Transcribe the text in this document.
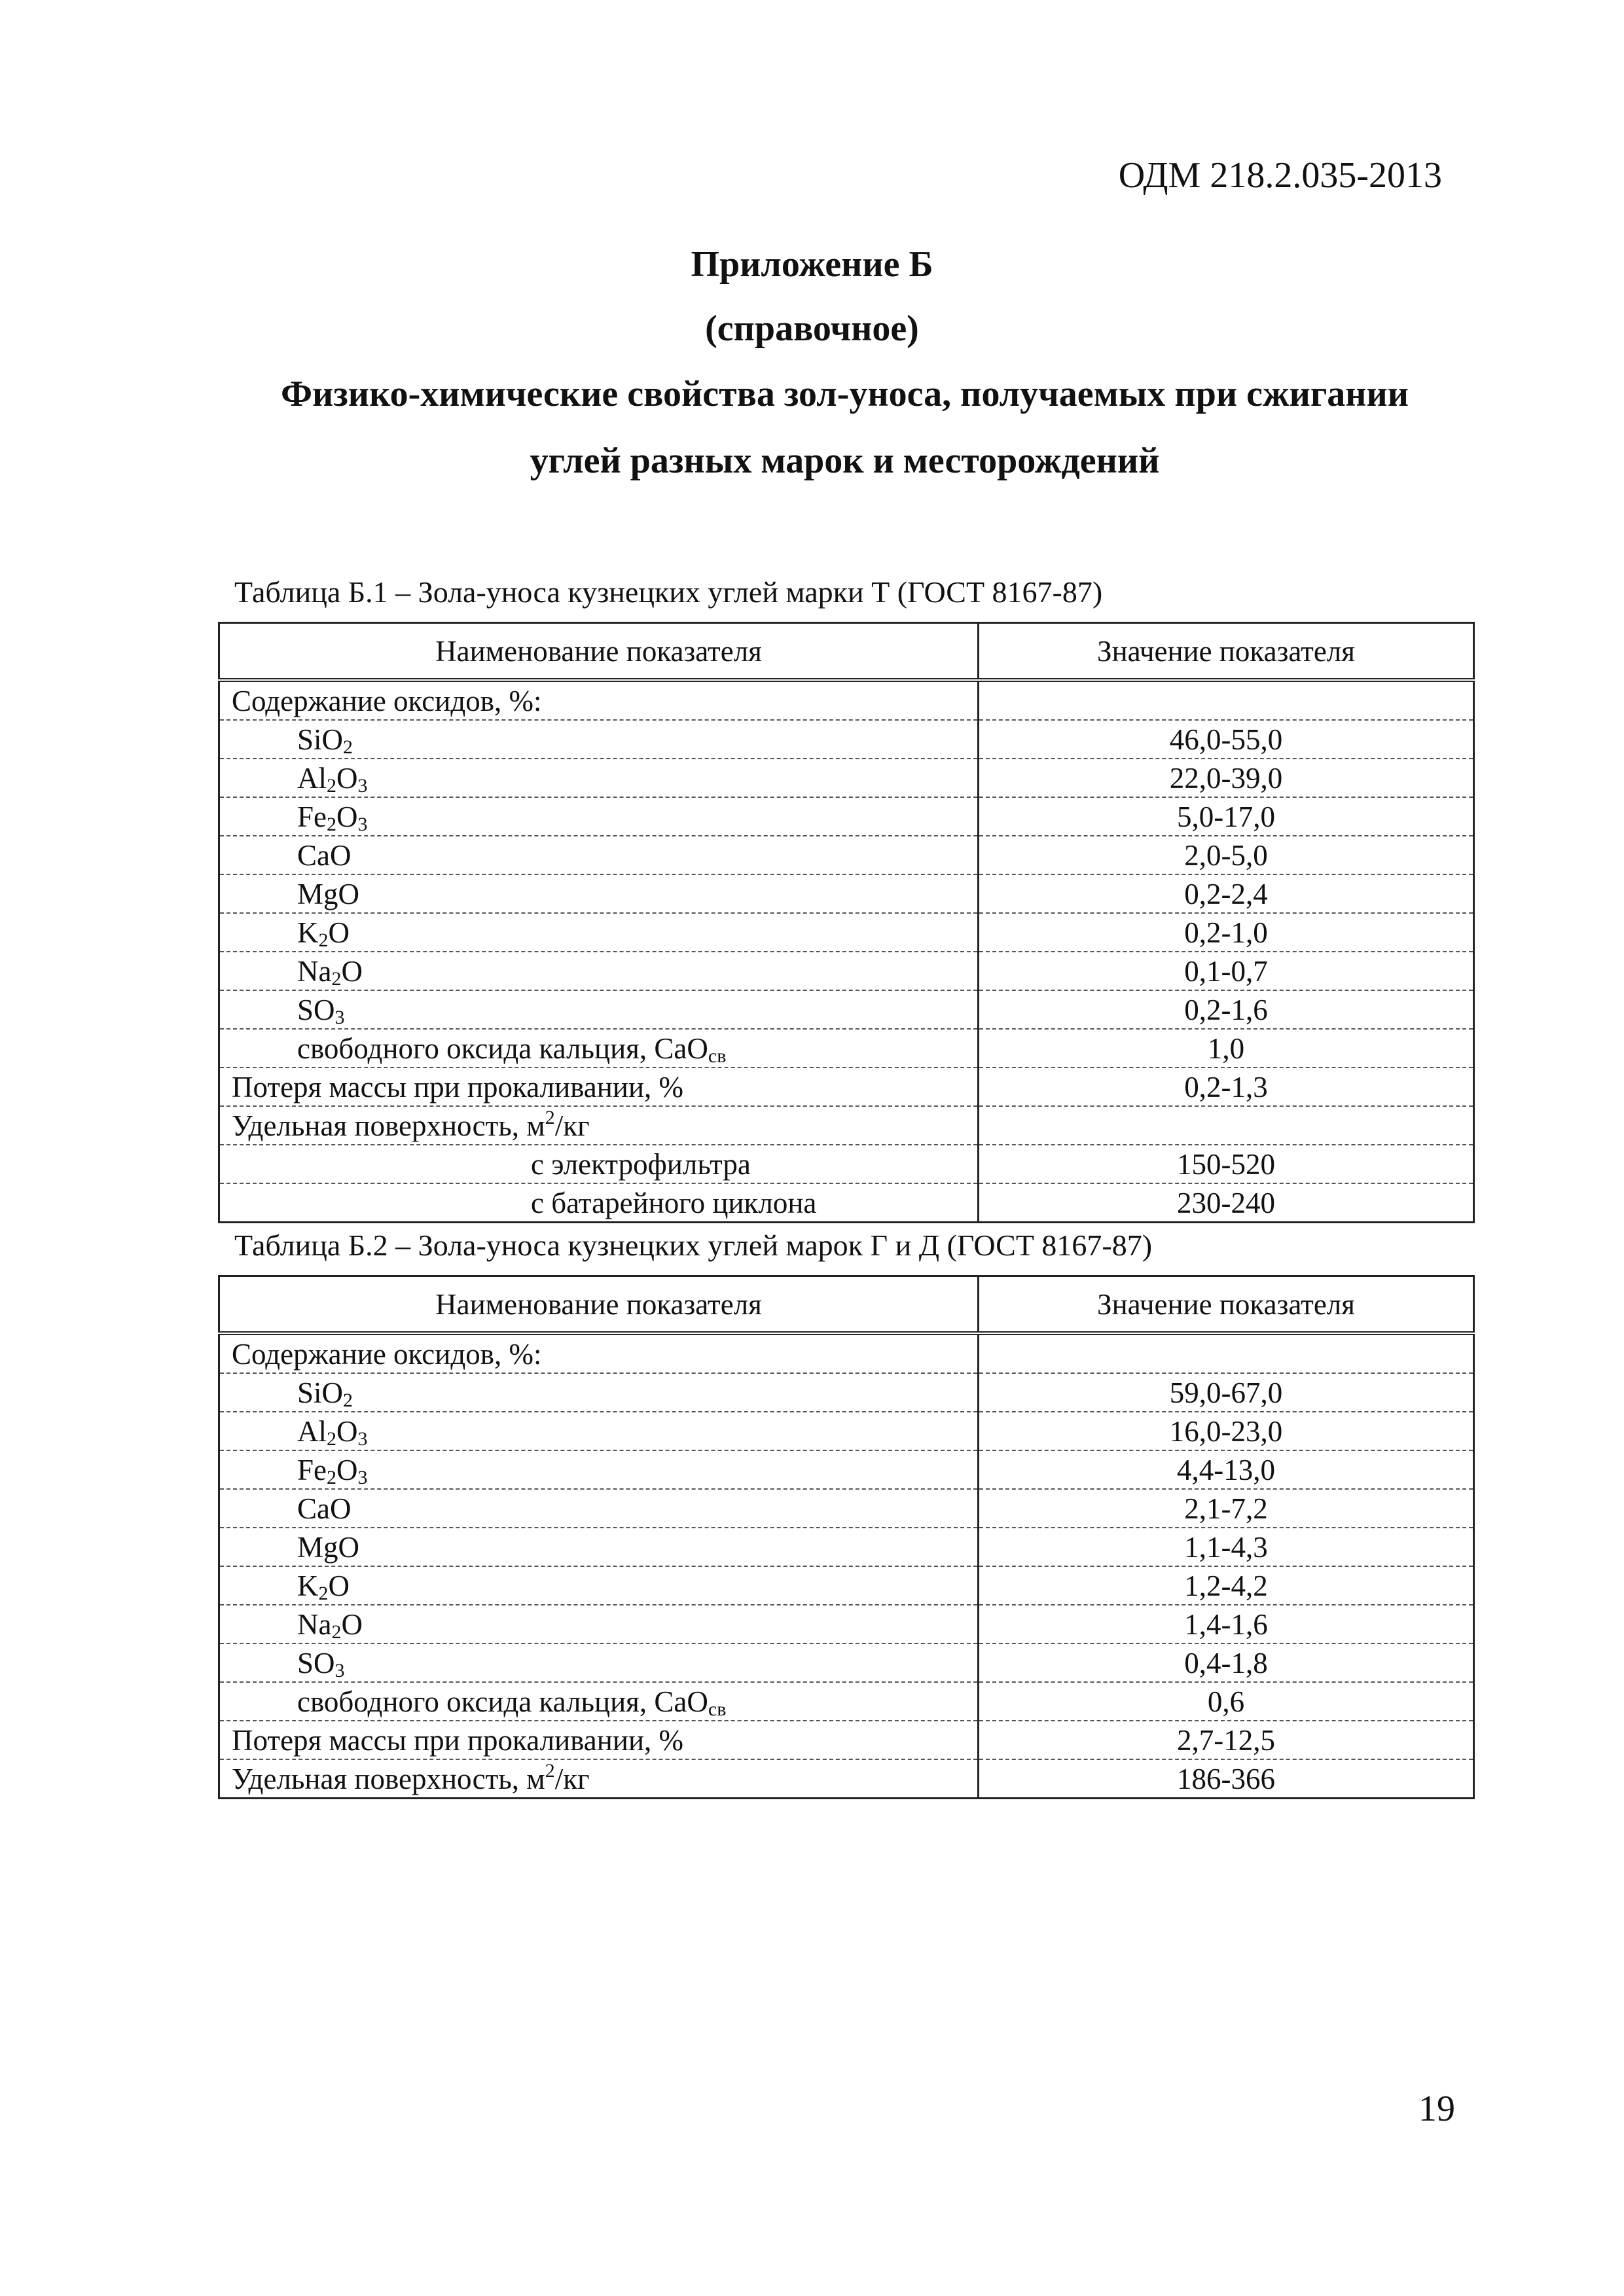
ОДМ 218.2.035-2013
Приложение Б
(справочное)
Физико-химические свойства зол-уноса, получаемых при сжигании
углей разных марок и месторождений
Таблица Б.1 – Зола-уноса кузнецких углей марки Т (ГОСТ 8167-87)
Наименование показателя	Значение показателя
Содержание оксидов, %:	
SiO$_2$	46,0-55,0
$Al_2O_3$	22,0-39,0
$Fe_2O_3$	5,0-17,0
CaO	2,0-5,0
MgO	0,2-2,4
$K_2O$	0,2-1,0
$Na_2O$	0,1-0,7
$SO_3$	0,2-1,6
свободного оксида кальция, CaO$_{св}$	1,0
Потеря массы при прокаливании, %	0,2-1,3
Удельная поверхность, $м^2/кг$	
с электрофильтра	150-520
с батарейного циклона	230-240
Таблица Б.2 – Зола-уноса кузнецких углей марок Г и Д (ГОСТ 8167-87)
Наименование показателя	Значение показателя
Содержание оксидов, %:	
SiO$_2$	59,0-67,0
$Al_2O_3$	16,0-23,0
$Fe_2O_3$	4,4-13,0
CaO	2,1-7,2
MgO	1,1-4,3
$K_2O$	1,2-4,2
$Na_2O$	1,4-1,6
$SO_3$	0,4-1,8
свободного оксида кальция, CaO$_{св}$	0,6
Потеря массы при прокаливании, %	2,7-12,5
Удельная поверхность, $м^2/кг$	186-366
19
